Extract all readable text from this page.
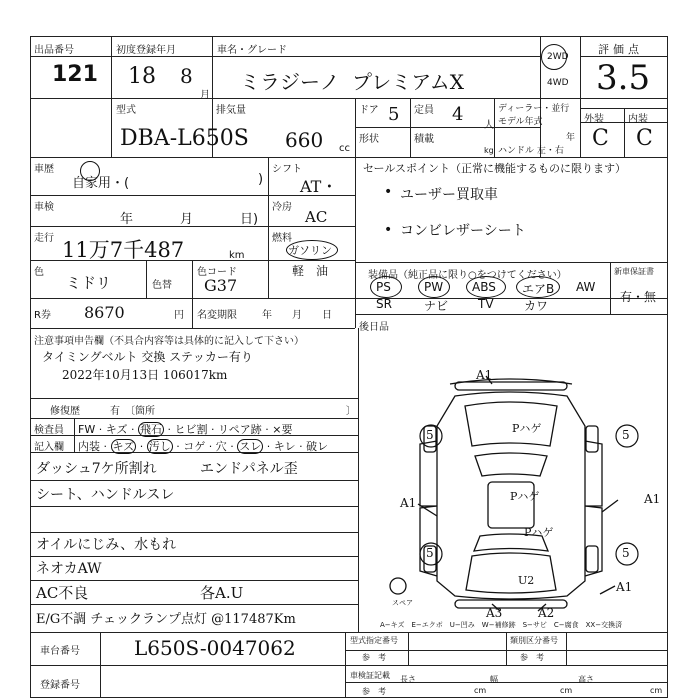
出品番号
121
初度登録年月
18 8
月
車名・グレード
ミラジーノ プレミアムX
2WD
4WD
評価点
3.5
外装 内装
C C
型式
DBA-L650S
排気量
660 cc
ドア 5 定員 4
人
形状	積載
kg
ディーラー・並行
モデル年式
年
ハンドル 左・右
車歴
自家用・(	)
車検
年	月	日)
走行 11万7千487	km
色
ミドリ	色替
色コード
G37
R券 8670	円 名変期限	年　　月　　日
シフト
AT・
冷房
AC
燃料
ガソリン
軽　油
後日品
セールスポイント（正常に機能するものに限ります）
• ユーザー買取車
• コンビレザーシート
装備品（純正品に限り○をつけてください）	新車保証書
有・無
PS	PW ABS エアB AW
SR	ナビ TV	カワ
注意事項申告欄（不具合内容等は具体的に記入して下さい）
タイミングベルト 交換 ステッカー有り
2022年10月13日 106017km
修復歴	有　〔箇所	〕
検査員
記入欄
FW · キズ · 飛石 · ヒビ割 · リペア跡 · ×要
内装 · キズ · 汚し · コゲ · 穴 · スレ · キレ · 破レ
ダッシュ7ケ所割れ	エンドパネル歪
シート、ハンドルスレ
オイルにじみ、水もれ
ネオカAW
AC不良	各A.U
E/G不調 チェックランプ点灯 @117487Km
A1
A1	A1
A1
A2
A3
5	5
5	5
Pハゲ
Pハゲ
Pハゲ
U2
スペア
A−キズ　E−エクボ　U−凹み　W−補修跡　S−サビ　C−腐食　XX−交換済
車台番号	L650S-0047062
登録番号
型式指定番号
参　考
類別区分番号
参　考
車検証記載
参　考
長さ
cm
幅
cm
高さ
cm
